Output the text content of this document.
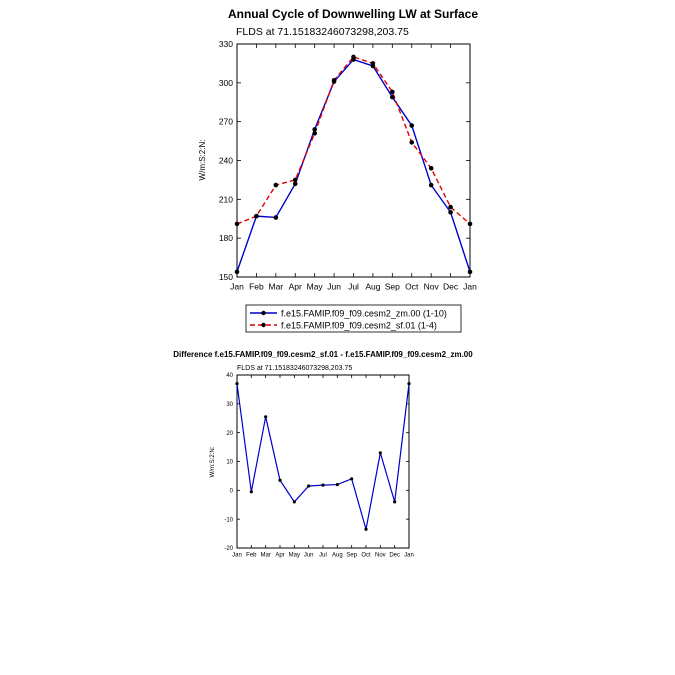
Annual Cycle of Downwelling LW at Surface
FLDS at 71.15183246073298,203.75
W/m:S:2:N:
150
180
210
240
270
300
330
Jan Feb Mar Apr May Jun Jul Aug Sep Oct Nov Dec Jan
f.e15.FAMIP.f09_f09.cesm2_zm.00 (1-10)
f.e15.FAMIP.f09_f09.cesm2_sf.01 (1-4)
Difference f.e15.FAMIP.f09_f09.cesm2_sf.01 - f.e15.FAMIP.f09_f09.cesm2_zm.00
FLDS at 71.15183246073298,203.75
W/m:S:2:N:
-20
-10
0
10
20
30
40
Jan Feb Mar Apr May Jun Jul Aug Sep Oct Nov Dec Jan
